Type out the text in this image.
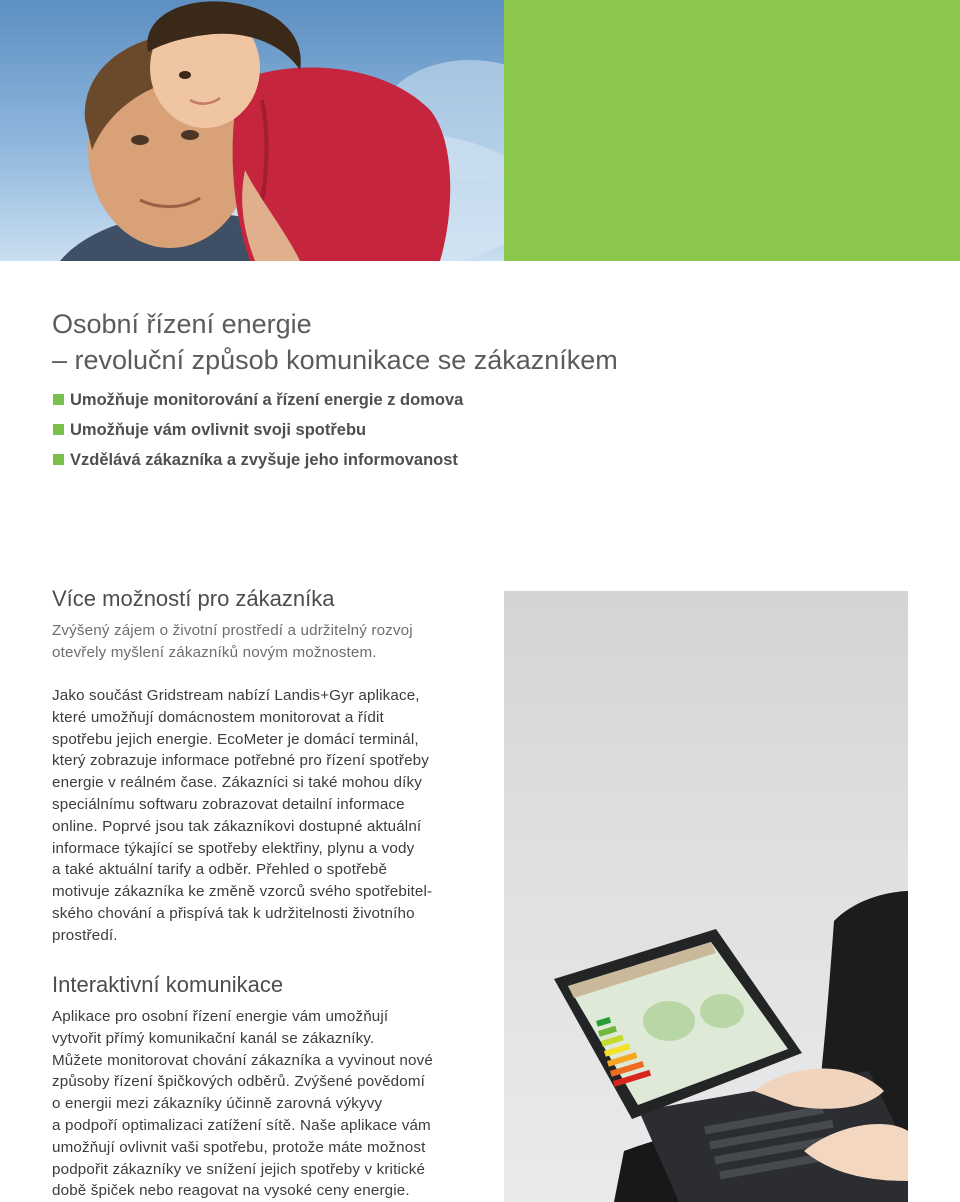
Osobní řízení energie
– revoluční způsob komunikace se zákazníkem
Umožňuje monitorování a řízení energie z domova
Umožňuje vám ovlivnit svoji spotřebu
Vzdělává zákazníka a zvyšuje jeho informovanost
Více možností pro zákazníka

Zvýšený zájem o životní prostředí a udržitelný rozvoj
otevřely myšlení zákazníků novým možnostem.

Jako součást Gridstream nabízí Landis+Gyr aplikace,
které umožňují domácnostem monitorovat a řídit
spotřebu jejich energie. EcoMeter je domácí terminál,
který zobrazuje informace potřebné pro řízení spotřeby
energie v reálném čase. Zákazníci si také mohou díky
speciálnímu softwaru zobrazovat detailní informace
online. Poprvé jsou tak zákazníkovi dostupné aktuální
informace týkající se spotřeby elektřiny, plynu a vody
a také aktuální tarify a odběr. Přehled o spotřebě
motivuje zákazníka ke změně vzorců svého spotřebitel-
ského chování a přispívá tak k udržitelnosti životního
prostředí.

Interaktivní komunikace

Aplikace pro osobní řízení energie vám umožňují
vytvořit přímý komunikační kanál se zákazníky.
Můžete monitorovat chování zákazníka a vyvinout nové
způsoby řízení špičkových odběrů. Zvýšené povědomí
o energii mezi zákazníky účinně zarovná výkyvy
a podpoří optimalizaci zatížení sítě. Naše aplikace vám
umožňují ovlivnit vaši spotřebu, protože máte možnost
podpořit zákazníky ve snížení jejich spotřeby v kritické
době špiček nebo reagovat na vysoké ceny energie.
